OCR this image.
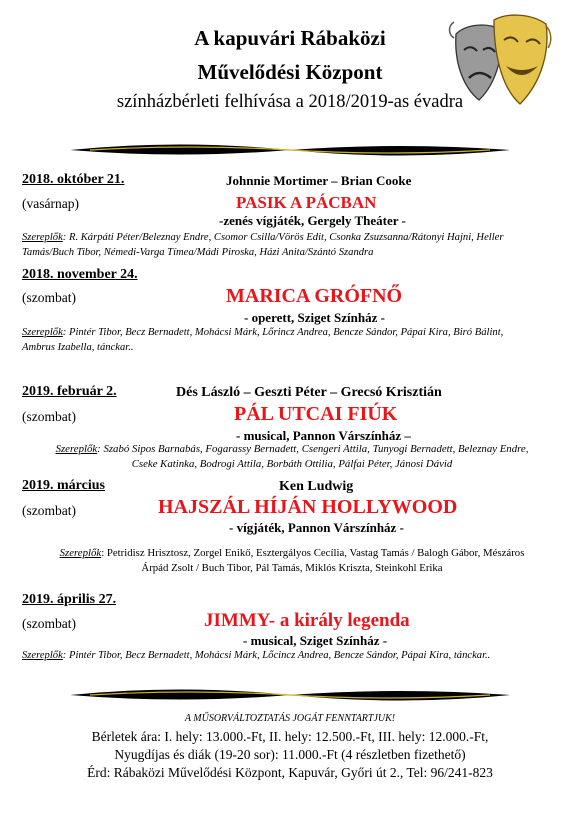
A kapuvári Rábaközi
Művelődési Központ
színházbérleti felhívása a 2018/2019-as évadra
2018. október 21.	Johnnie Mortimer – Brian Cooke
(vasárnap)	PASIK A PÁCBAN
-zenés vígjáték, Gergely Theáter -
Szereplők: R. Kárpáti Péter/Beleznay Endre, Csomor Csilla/Vörös Edit, Csonka Zsuzsanna/Rátonyi Hajni, Heller
Tamás/Buch Tibor, Némedi-Varga Tímea/Mádi Piroska, Házi Anita/Szántó Szandra
2018. november 24.
(szombat)	MARICA GRÓFNŐ
- operett, Sziget Színház -
Szereplők: Pintér Tibor, Becz Bernadett, Mohácsi Márk, Lőrincz Andrea, Bencze Sándor, Pápai Kira, Biró Bálint,
Ambrus Izabella, tánckar..
2019. február 2.	Dés László – Geszti Péter – Grecsó Krisztián
(szombat)	PÁL UTCAI FIÚK
- musical, Pannon Várszínház –
Szereplők: Szabó Sipos Barnabás, Fogarassy Bernadett, Csengeri Attila, Tunyogi Bernadett, Beleznay Endre,
Cseke Katinka, Bodrogi Attila, Borbáth Ottilia, Pálfai Péter, Jánosi Dávid
2019. március	Ken Ludwig
(szombat)	HAJSZÁL HÍJÁN HOLLYWOOD
- vígjáték, Pannon Várszínház -
Szereplők: Petridisz Hrisztosz, Zorgel Enikő, Esztergályos Cecília, Vastag Tamás / Balogh Gábor, Mészáros
Árpád Zsolt / Buch Tibor, Pál Tamás, Miklós Kriszta, Steinkohl Erika
2019. április 27.
(szombat)	JIMMY- a király legenda
- musical, Sziget Színház -
Szereplők: Pintér Tibor, Becz Bernadett, Mohácsi Márk, Lőcincz Andrea, Bencze Sándor, Pápai Kira, tánckar..
A MŰSORVÁLTOZTATÁS JOGÁT FENNTARTJUK!
Bérletek ára: I. hely: 13.000.-Ft, II. hely: 12.500.-Ft, III. hely: 12.000.-Ft,
Nyugdíjas és diák (19-20 sor): 11.000.-Ft (4 részletben fizethető)
Érd: Rábaközi Művelődési Központ, Kapuvár, Győri út 2., Tel: 96/241-823
